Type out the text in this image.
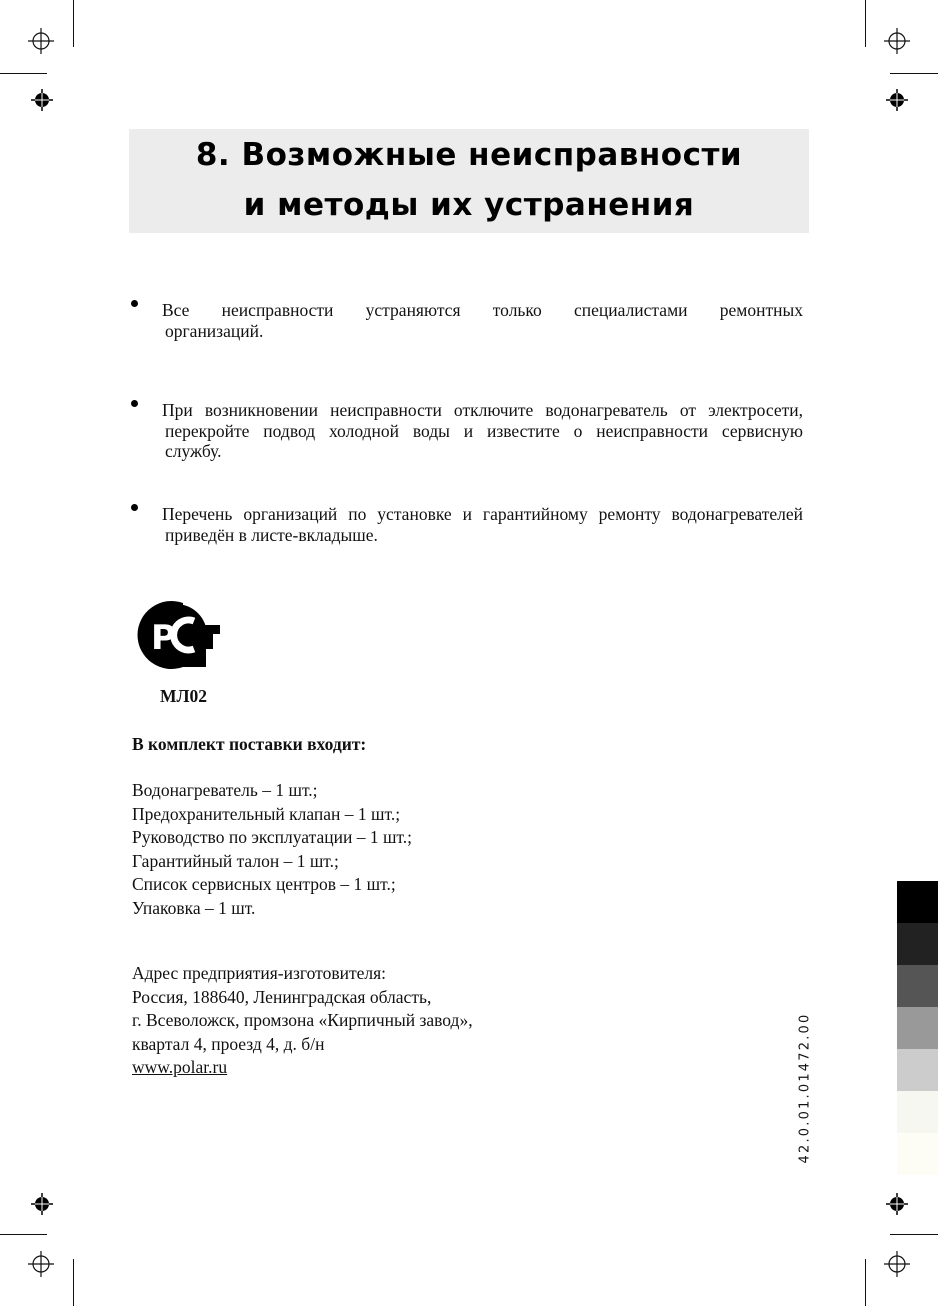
8. Возможные неисправности
и методы их устранения
Все неисправности устраняются только специалистами ремонтных
организаций.
При возникновении неисправности отключите водонагреватель от электросети,
перекройте подвод холодной воды и известите о неисправности сервисную
службу.
Перечень организаций по установке и гарантийному ремонту водонагревателей
приведён в листе-вкладыше.
P
МЛ02
В комплект поставки входит:
Водонагреватель – 1 шт.;
Предохранительный клапан – 1 шт.;
Руководство по эксплуатации – 1 шт.;
Гарантийный талон – 1 шт.;
Список сервисных центров – 1 шт.;
Упаковка – 1 шт.
Адрес предприятия-изготовителя:
Россия, 188640, Ленинградская область,
г. Всеволожск, промзона «Кирпичный завод»,
квартал 4, проезд 4, д. б/н
www.polar.ru	42.0.01.01472.00
